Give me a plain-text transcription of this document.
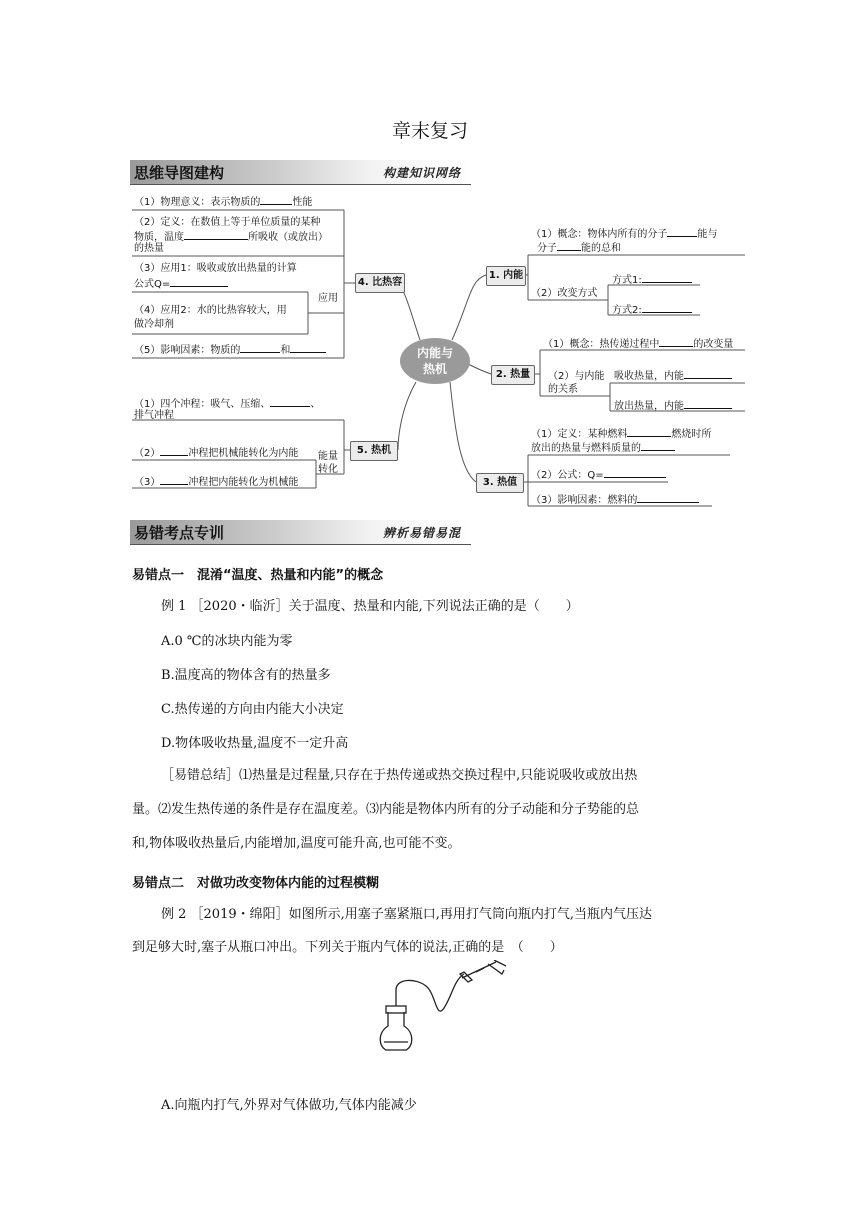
章末复习
思维导图建构	构建知识网络
（1）物理意义：表示物质的	性能
（2）定义：在数值上等于单位质量的某种
物质，温度	所吸收（或放出）
的热量
（3）应用1：吸收或放出热量的计算
公式Q=
（4）应用2：水的比热容较大，用
做冷却剂
（5）影响因素：物质的	和
应用
4. 比热容
（1）四个冲程：吸气、压缩、	、
排气冲程
（2）	冲程把机械能转化为内能
（3）	冲程把内能转化为机械能
能量
转化
5. 热机
内能与
热机
1. 内能
（1）概念：物体内所有的分子	能与
分子 能的总和
（2）改变方式
方式1:
方式2:
2. 热量
（1）概念：热传递过程中	的改变量
（2）与内能
的关系
吸收热量，内能
放出热量，内能
3. 热值
（1）定义：某种燃料	燃烧时所
放出的热量与燃料质量的
（2）公式：Q=
（3）影响因素：燃料的
易错考点专训	辨析易错易混
易错点一　混淆“温度、热量和内能”的概念
例 1 ［2020・临沂］关于温度、热量和内能,下列说法正确的是（　　）
A.0 ℃的冰块内能为零
B.温度高的物体含有的热量多
C.热传递的方向由内能大小决定
D.物体吸收热量,温度不一定升高
［易错总结］⑴热量是过程量,只存在于热传递或热交换过程中,只能说吸收或放出热
量。⑵发生热传递的条件是存在温度差。⑶内能是物体内所有的分子动能和分子势能的总
和,物体吸收热量后,内能增加,温度可能升高,也可能不变。
易错点二　对做功改变物体内能的过程模糊
例 2 ［2019・绵阳］如图所示,用塞子塞紧瓶口,再用打气筒向瓶内打气,当瓶内气压达
到足够大时,塞子从瓶口冲出。下列关于瓶内气体的说法,正确的是　（　　）
A.向瓶内打气,外界对气体做功,气体内能减少
